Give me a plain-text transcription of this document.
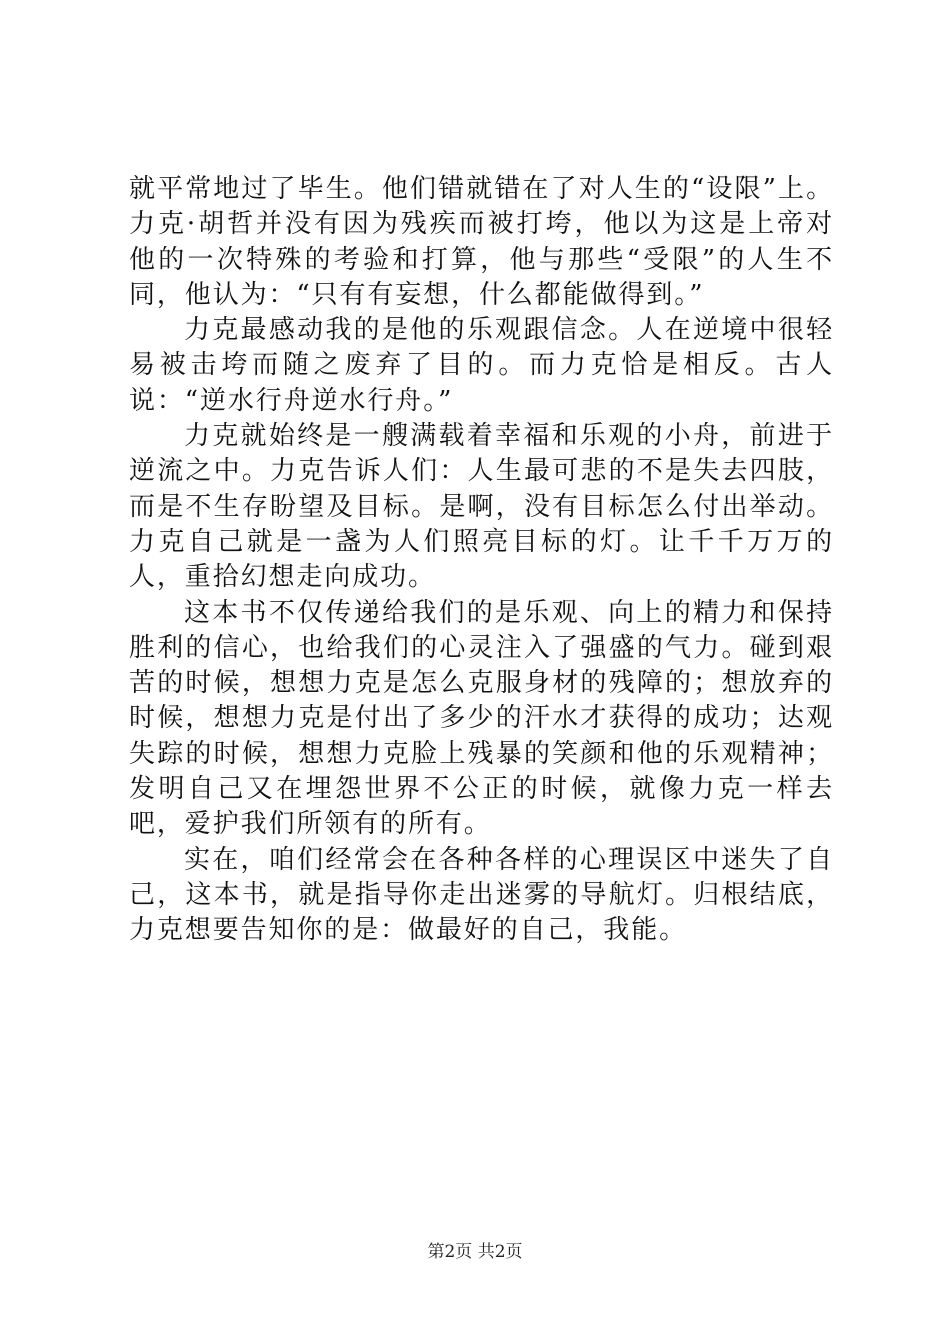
就平常地过了毕生。他们错就错在了对人生的“设限”上。力克·胡哲并没有因为残疾而被打垮，他以为这是上帝对他的一次特殊的考验和打算，他与那些“受限”的人生不同，他认为：“只有有妄想，什么都能做得到。”

力克最感动我的是他的乐观跟信念。人在逆境中很轻易被击垮而随之废弃了目的。而力克恰是相反。古人说：“逆水行舟逆水行舟。”

力克就始终是一艘满载着幸福和乐观的小舟，前进于逆流之中。力克告诉人们：人生最可悲的不是失去四肢，而是不生存盼望及目标。是啊，没有目标怎么付出举动。力克自己就是一盏为人们照亮目标的灯。让千千万万的人，重拾幻想走向成功。

这本书不仅传递给我们的是乐观、向上的精力和保持胜利的信心，也给我们的心灵注入了强盛的气力。碰到艰苦的时候，想想力克是怎么克服身材的残障的；想放弃的时候，想想力克是付出了多少的汗水才获得的成功；达观失踪的时候，想想力克脸上残暴的笑颜和他的乐观精神；发明自己又在埋怨世界不公正的时候，就像力克一样去吧，爱护我们所领有的所有。

实在，咱们经常会在各种各样的心理误区中迷失了自己，这本书，就是指导你走出迷雾的导航灯。归根结底，力克想要告知你的是：做最好的自己，我能。

第2页 共2页
